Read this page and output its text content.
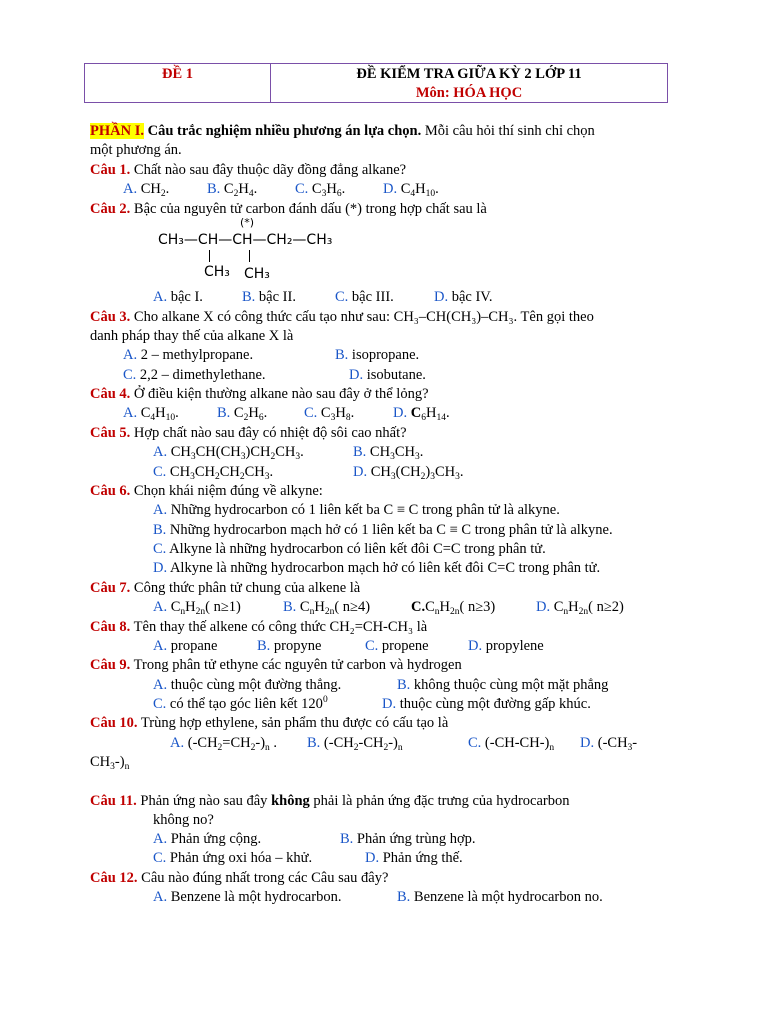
ĐỀ 1	ĐỀ KIỂM TRA GIỮA KỲ 2 LỚP 11
Môn: HÓA HỌC
PHẦN I. Câu trắc nghiệm nhiều phương án lựa chọn. Mỗi câu hỏi thí sinh chỉ chọn
một phương án.
Câu 1. Chất nào sau đây thuộc dãy đồng đẳng alkane?
A. $CH_2$.	B. $C_2H_4$.	C. $C_3H_6$.	D. $C_4H_{10}$.
Câu 2. Bậc của nguyên tử carbon đánh dấu (*) trong hợp chất sau là
(*)
CH₃—CH—CH—CH₂—CH₃
CH₃ CH₃
A. bậc I.	B. bậc II.	C. bậc III.	D. bậc IV.
Câu 3. Cho alkane X có công thức cấu tạo như sau: CH₃–CH(CH₃)–CH₃. Tên gọi theo
danh pháp thay thế của alkane X là
A. 2 – methylpropane.	B. isopropane.
C. 2,2 – dimethylethane.	D. isobutane.
Câu 4. Ở điều kiện thường alkane nào sau đây ở thể lỏng?
A. $C_4H_{10}$.	B. $C_2H_6$.	C. $C_3H_8$.	D. $C_6H_{14}$.
Câu 5. Hợp chất nào sau đây có nhiệt độ sôi cao nhất?
A. $CH_3CH(CH_3)CH_2CH_3$.	B. $CH_3CH_3$.
C. $CH_3CH_2CH_2CH_3$.	D. $CH_3(CH_2)_3CH_3$.
Câu 6. Chọn khái niệm đúng về alkyne:
A. Những hydrocarbon có 1 liên kết ba C ≡ C trong phân tử là alkyne.
B. Những hydrocarbon mạch hở có 1 liên kết ba C ≡ C trong phân tử là alkyne.
C. Alkyne là những hydrocarbon có liên kết đôi C=C trong phân tử.
D. Alkyne là những hydrocarbon mạch hở có liên kết đôi C=C trong phân tử.
Câu 7. Công thức phân tử chung của alkene là
A. $C_nH_{2n}$( n≥1)	B. $C_nH_{2n}$( n≥4)	$C.C_nH_{2n}$( n≥3)	D. $C_nH_{2n}$( n≥2)
Câu 8. Tên thay thế alkene có công thức CH₂=CH-CH₃ là
A. propane	B. propyne	C. propene	D. propylene
Câu 9. Trong phân tử ethyne các nguyên tử carbon và hydrogen
A. thuộc cùng một đường thẳng.	B. không thuộc cùng một mặt phẳng
C. có thể tạo góc liên kết $120^0$	D. thuộc cùng một đường gấp khúc.
Câu 10. Trùng hợp ethylene, sản phẩm thu được có cấu tạo là
A. $(-CH_2=CH_2-)_n$ . B. $(-CH_2-CH_2-)_n$	C. $(-CH-CH-)_n$ D. ($-CH_3-$
$CH_3-)_n$
Câu 11. Phản ứng nào sau đây không phải là phản ứng đặc trưng của hydrocarbon
không no?
A. Phản ứng cộng.	B. Phản ứng trùng hợp.
C. Phản ứng oxi hóa – khử.	D. Phản ứng thế.
Câu 12. Câu nào đúng nhất trong các Câu sau đây?
A. Benzene là một hydrocarbon.	B. Benzene là một hydrocarbon no.
